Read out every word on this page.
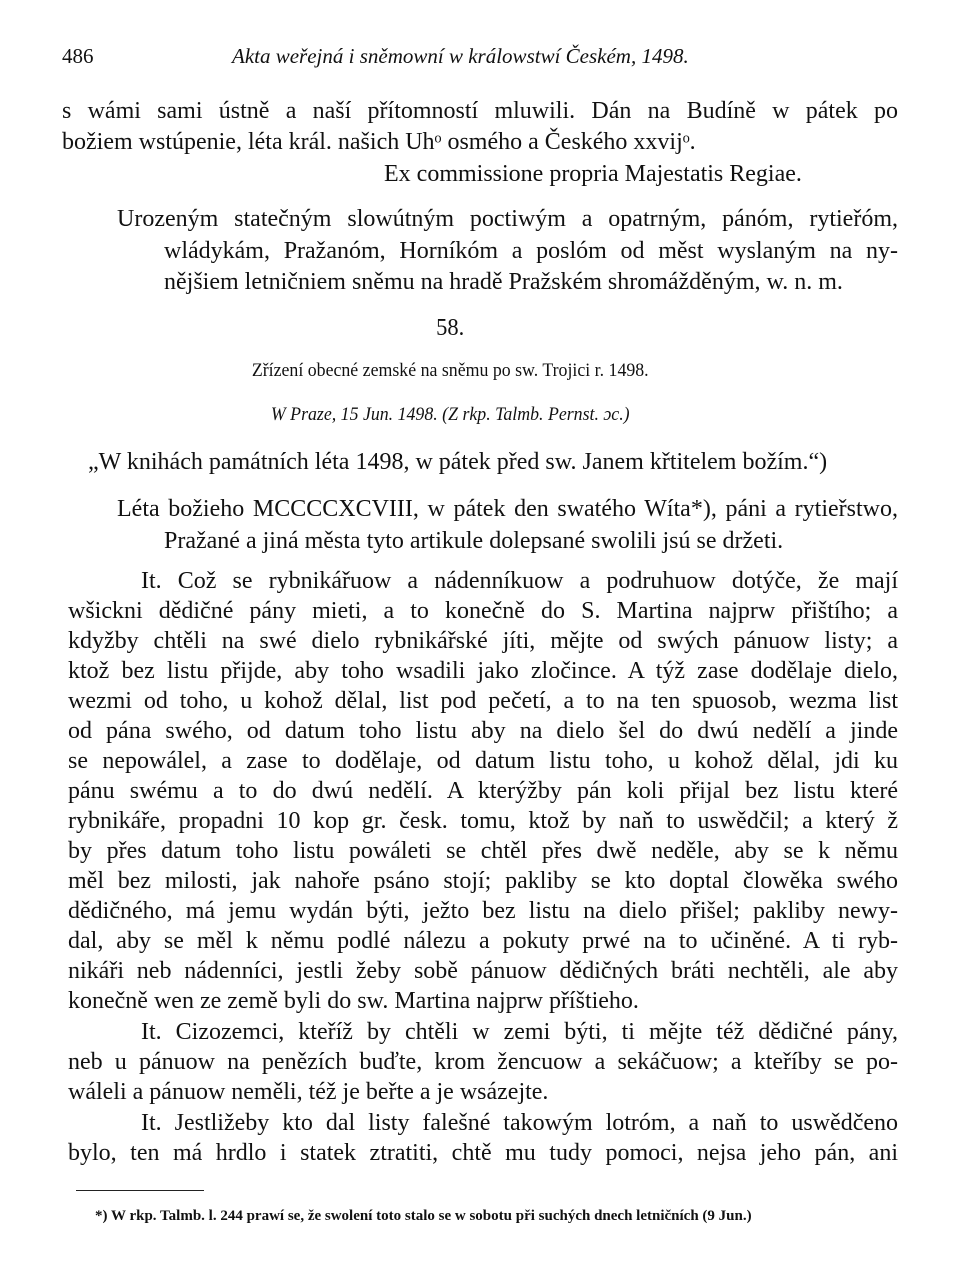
486	Akta weřejná i sněmowní w králowstwí Českém, 1498.
s wámi sami ústně a naší přítomností mluwili. Dán na Budíně w pátek po
božiem wstúpenie, léta král. našich Uhᵒ osmého a Českého xxvijᵒ.
Ex commissione propria Majestatis Regiae.
Urozeným statečným slowútným poctiwým a opatrným, pánóm, rytieřóm,
wládykám, Pražanóm, Horníkóm a poslóm od měst wyslaným na ny-
nějšiem letničniem sněmu na hradě Pražském shromážděným, w. n. m.
58.
Zřízení obecné zemské na sněmu po sw. Trojici r. 1498.
W Praze, 15 Jun. 1498. (Z rkp. Talmb. Pernst. ɔc.)
„W knihách památních léta 1498, w pátek před sw. Janem křtitelem božím.“)
Léta božieho MCCCCXCVIII, w pátek den swatého Wíta*), páni a rytieřstwo,
Pražané a jiná města tyto artikule dolepsané swolili jsú se držeti.
It. Což se rybnikářuow a nádenníkuow a podruhuow dotýče, že mají
wšickni dědičné pány mieti, a to konečně do S. Martina najprw přištího; a
kdyžby chtěli na swé dielo rybnikářské jíti, mějte od swých pánuow listy; a
ktož bez listu přijde, aby toho wsadili jako zločince. A týž zase dodělaje dielo,
wezmi od toho, u kohož dělal, list pod pečetí, a to na ten spuosob, wezma list
od pána swého, od datum toho listu aby na dielo šel do dwú nedělí a jinde
se nepowálel, a zase to dodělaje, od datum listu toho, u kohož dělal, jdi ku
pánu swému a to do dwú nedělí. A kterýžby pán koli přijal bez listu které
rybnikáře, propadni 10 kop gr. česk. tomu, ktož by naň to uswědčil; a který ž
by přes datum toho listu powáleti se chtěl přes dwě neděle, aby se k němu
měl bez milosti, jak nahoře psáno stojí; pakliby se kto doptal člowěka swého
dědičného, má jemu wydán býti, ježto bez listu na dielo přišel; pakliby newy-
dal, aby se měl k němu podlé nálezu a pokuty prwé na to učiněné. A ti ryb-
nikáři neb nádenníci, jestli žeby sobě pánuow dědičných bráti nechtěli, ale aby
konečně wen ze země byli do sw. Martina najprw příštieho.
It. Cizozemci, kteříž by chtěli w zemi býti, ti mějte též dědičné pány,
neb u pánuow na penězích buďte, krom žencuow a sekáčuow; a kteříby se po-
wáleli a pánuow neměli, též je beřte a je wsázejte.
It. Jestližeby kto dal listy falešné takowým lotróm, a naň to uswědčeno
bylo, ten má hrdlo i statek ztratiti, chtě mu tudy pomoci, nejsa jeho pán, ani
*) W rkp. Talmb. l. 244 prawí se, že swolení toto stalo se w sobotu při suchých dnech letničních (9 Jun.)
